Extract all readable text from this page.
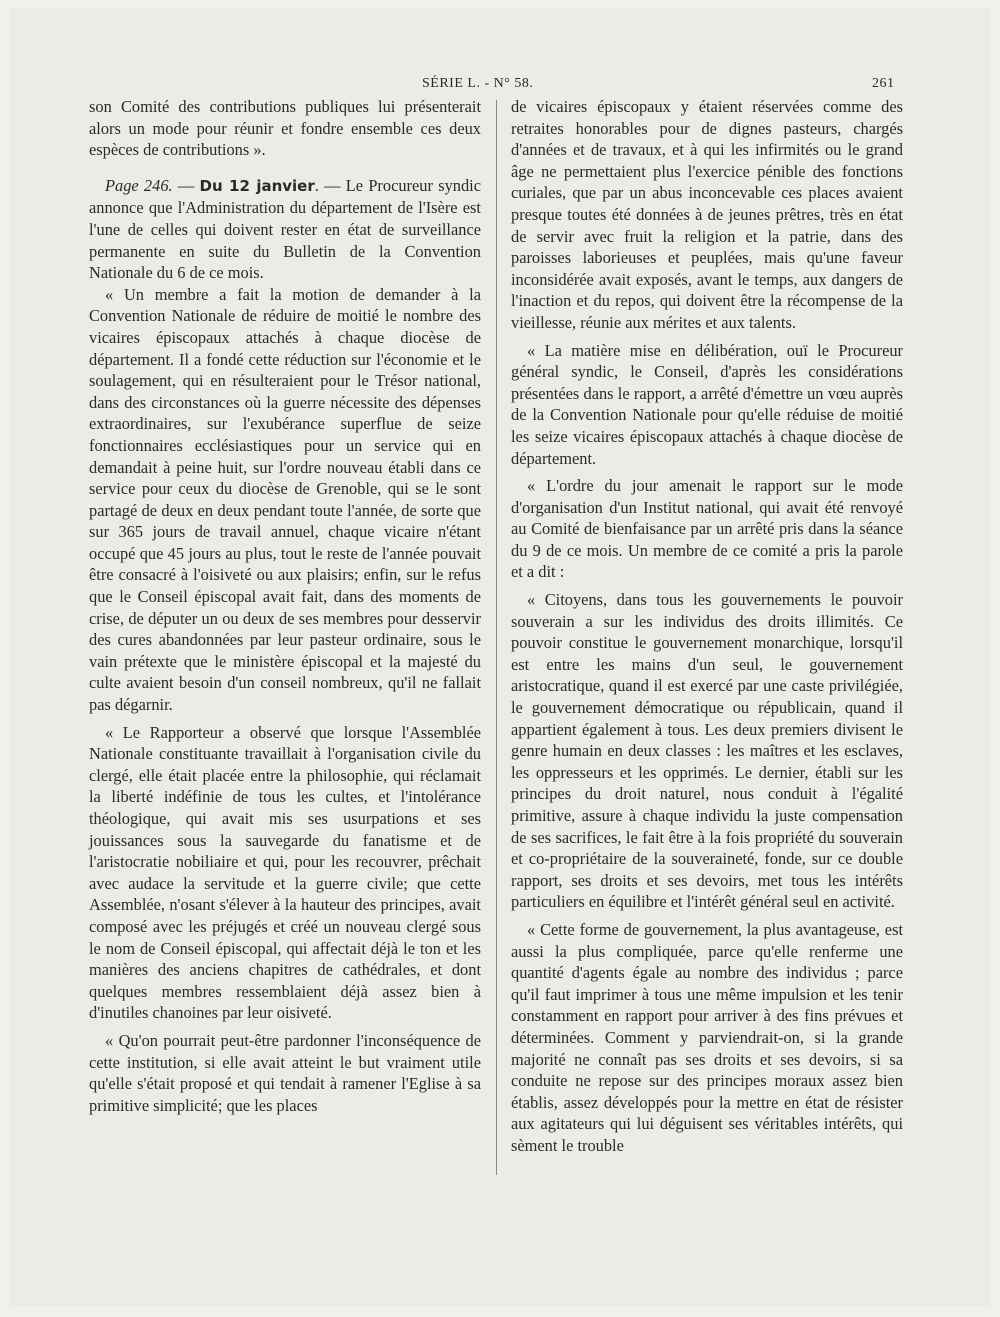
SÉRIE L. - N° 58.	261

son Comité des contributions publiques lui présenterait alors un mode pour réunir et fondre ensemble ces deux espèces de contributions ».

Page 246. — Du 12 janvier. — Le Procureur syndic annonce que l'Administration du département de l'Isère est l'une de celles qui doivent rester en état de surveillance permanente en suite du Bulletin de la Convention Nationale du 6 de ce mois.

« Un membre a fait la motion de demander à la Convention Nationale de réduire de moitié le nombre des vicaires épiscopaux attachés à chaque diocèse de département. Il a fondé cette réduction sur l'économie et le soulagement, qui en résulteraient pour le Trésor national, dans des circonstances où la guerre nécessite des dépenses extraordinaires, sur l'exubérance superflue de seize fonctionnaires ecclésiastiques pour un service qui en demandait à peine huit, sur l'ordre nouveau établi dans ce service pour ceux du diocèse de Grenoble, qui se le sont partagé de deux en deux pendant toute l'année, de sorte que sur 365 jours de travail annuel, chaque vicaire n'étant occupé que 45 jours au plus, tout le reste de l'année pouvait être consacré à l'oisiveté ou aux plaisirs; enfin, sur le refus que le Conseil épiscopal avait fait, dans des moments de crise, de députer un ou deux de ses membres pour desservir des cures abandonnées par leur pasteur ordinaire, sous le vain prétexte que le ministère épiscopal et la majesté du culte avaient besoin d'un conseil nombreux, qu'il ne fallait pas dégarnir.

« Le Rapporteur a observé que lorsque l'Assemblée Nationale constituante travaillait à l'organisation civile du clergé, elle était placée entre la philosophie, qui réclamait la liberté indéfinie de tous les cultes, et l'intolérance théologique, qui avait mis ses usurpations et ses jouissances sous la sauvegarde du fanatisme et de l'aristocratie nobiliaire et qui, pour les recouvrer, prêchait avec audace la servitude et la guerre civile; que cette Assemblée, n'osant s'élever à la hauteur des principes, avait composé avec les préjugés et créé un nouveau clergé sous le nom de Conseil épiscopal, qui affectait déjà le ton et les manières des anciens chapitres de cathédrales, et dont quelques membres ressemblaient déjà assez bien à d'inutiles chanoines par leur oisiveté.

« Qu'on pourrait peut-être pardonner l'inconséquence de cette institution, si elle avait atteint le but vraiment utile qu'elle s'était proposé et qui tendait à ramener l'Eglise à sa primitive simplicité; que les places

de vicaires épiscopaux y étaient réservées comme des retraites honorables pour de dignes pasteurs, chargés d'années et de travaux, et à qui les infirmités ou le grand âge ne permettaient plus l'exercice pénible des fonctions curiales, que par un abus inconcevable ces places avaient presque toutes été données à de jeunes prêtres, très en état de servir avec fruit la religion et la patrie, dans des paroisses laborieuses et peuplées, mais qu'une faveur inconsidérée avait exposés, avant le temps, aux dangers de l'inaction et du repos, qui doivent être la récompense de la vieillesse, réunie aux mérites et aux talents.

« La matière mise en délibération, ouï le Procureur général syndic, le Conseil, d'après les considérations présentées dans le rapport, a arrêté d'émettre un vœu auprès de la Convention Nationale pour qu'elle réduise de moitié les seize vicaires épiscopaux attachés à chaque diocèse de département.

« L'ordre du jour amenait le rapport sur le mode d'organisation d'un Institut national, qui avait été renvoyé au Comité de bienfaisance par un arrêté pris dans la séance du 9 de ce mois. Un membre de ce comité a pris la parole et a dit :

« Citoyens, dans tous les gouvernements le pouvoir souverain a sur les individus des droits illimités. Ce pouvoir constitue le gouvernement monarchique, lorsqu'il est entre les mains d'un seul, le gouvernement aristocratique, quand il est exercé par une caste privilégiée, le gouvernement démocratique ou républicain, quand il appartient également à tous. Les deux premiers divisent le genre humain en deux classes : les maîtres et les esclaves, les oppresseurs et les opprimés. Le dernier, établi sur les principes du droit naturel, nous conduit à l'égalité primitive, assure à chaque individu la juste compensation de ses sacrifices, le fait être à la fois propriété du souverain et co-propriétaire de la souveraineté, fonde, sur ce double rapport, ses droits et ses devoirs, met tous les intérêts particuliers en équilibre et l'intérêt général seul en activité.

« Cette forme de gouvernement, la plus avantageuse, est aussi la plus compliquée, parce qu'elle renferme une quantité d'agents égale au nombre des individus ; parce qu'il faut imprimer à tous une même impulsion et les tenir constamment en rapport pour arriver à des fins prévues et déterminées. Comment y parviendrait-on, si la grande majorité ne connaît pas ses droits et ses devoirs, si sa conduite ne repose sur des principes moraux assez bien établis, assez développés pour la mettre en état de résister aux agitateurs qui lui déguisent ses véritables intérêts, qui sèment le trouble
